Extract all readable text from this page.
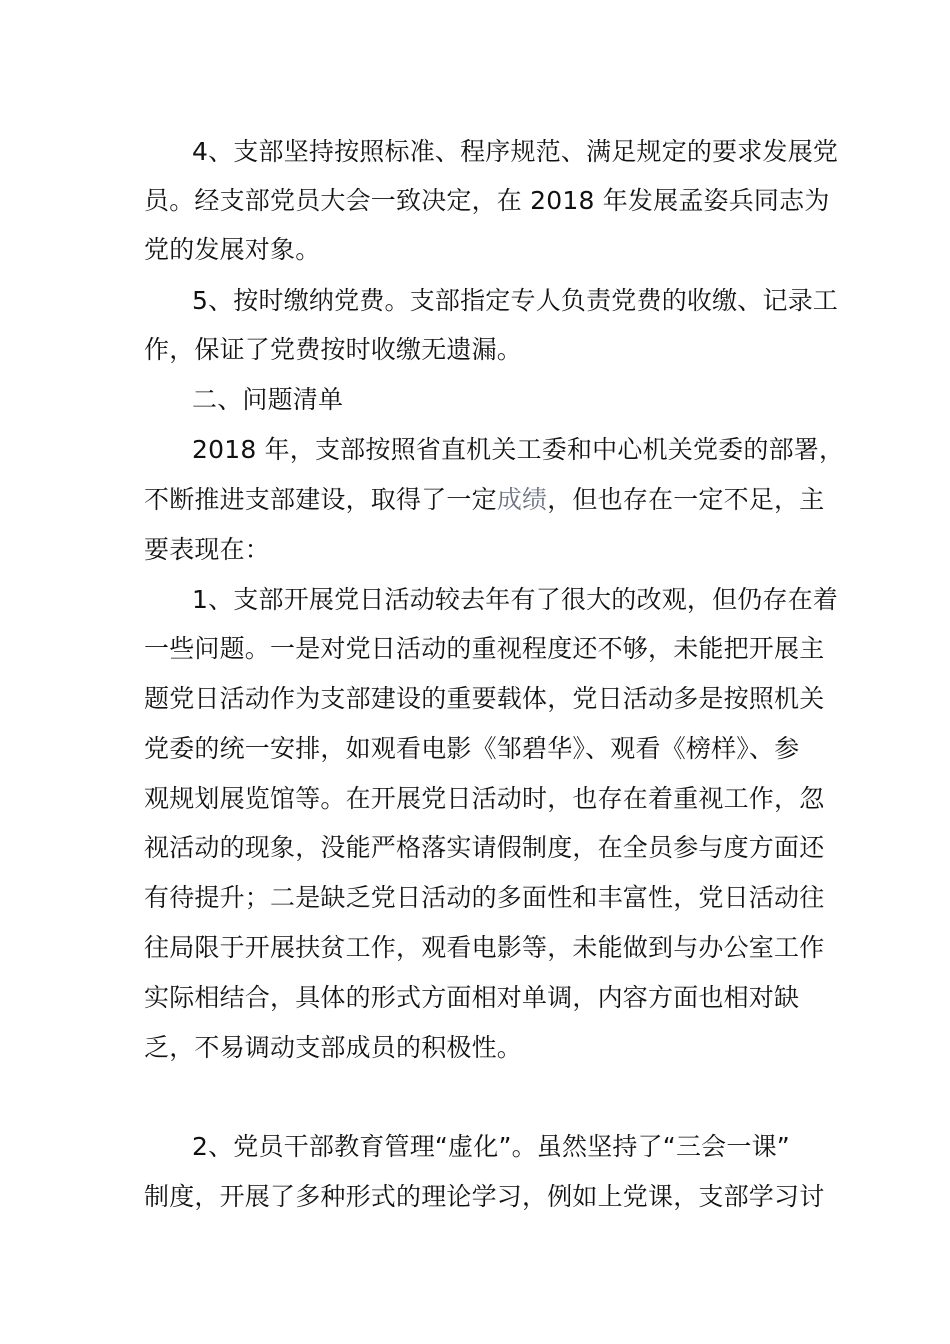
4、支部坚持按照标准、程序规范、满足规定的要求发展党
员。经支部党员大会一致决定，在 2018 年发展孟姿兵同志为
党的发展对象。
5、按时缴纳党费。支部指定专人负责党费的收缴、记录工
作，保证了党费按时收缴无遗漏。
二、问题清单
2018 年，支部按照省直机关工委和中心机关党委的部署，
不断推进支部建设，取得了一定成绩，但也存在一定不足，主
要表现在：
1、支部开展党日活动较去年有了很大的改观，但仍存在着
一些问题。一是对党日活动的重视程度还不够，未能把开展主
题党日活动作为支部建设的重要载体，党日活动多是按照机关
党委的统一安排，如观看电影《邹碧华》、观看《榜样》、参
观规划展览馆等。在开展党日活动时，也存在着重视工作，忽
视活动的现象，没能严格落实请假制度，在全员参与度方面还
有待提升；二是缺乏党日活动的多面性和丰富性，党日活动往
往局限于开展扶贫工作，观看电影等，未能做到与办公室工作
实际相结合，具体的形式方面相对单调，内容方面也相对缺
乏，不易调动支部成员的积极性。
2、党员干部教育管理“虚化”。虽然坚持了“三会一课”
制度，开展了多种形式的理论学习，例如上党课，支部学习讨
